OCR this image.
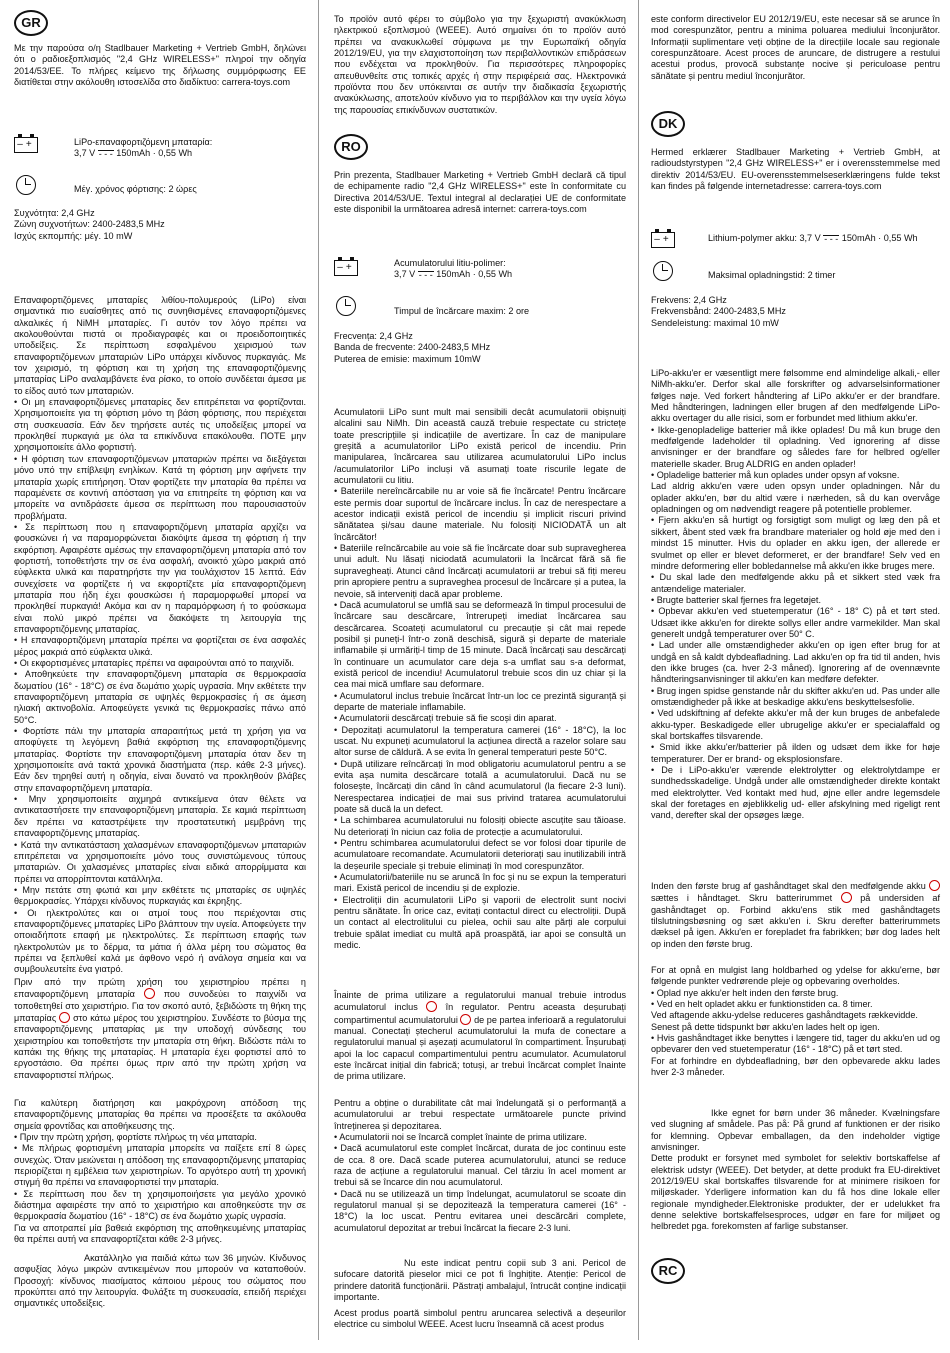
GR

Με την παρούσα ο/η Stadlbauer Marketing + Vertrieb GmbH, δηλώνει ότι ο ραδιοεξοπλισμός "2,4 GHz WIRELESS+" πληροί την οδηγία 2014/53/ΕΕ. Το πλήρες κείμενο της δήλωσης συμμόρφωσης ΕΕ διατίθεται στην ακόλουθη ιστοσελίδα στο διαδίκτυο: carrera-toys.com

–+	LiPo-επαναφορτιζόμενη μπαταρία:

3,7 V - - - 150mAh · 0,55 Wh

Μέγ. χρόνος φόρτισης: 2 ώρες

Συχνότητα: 2,4 GHz

Ζώνη συχνοτήτων: 2400-2483,5 MHz

Ισχύς εκπομπής: μέγ. 10 mW

Επαναφορτιζόμενες μπαταρίες λιθίου-πολυμερούς (LiPo) είναι σημαντικά πιο ευαίσθητες από τις συνηθισμένες επαναφορτιζόμενες αλκαλικές ή NiMH μπαταρίες. Γι αυτόν τον λόγο πρέπει να ακολουθούνται πιστά οι προδιαγραφές και οι προειδοποιητικές υποδείξεις. Σε περίπτωση εσφαλμένου χειρισμού των επαναφορτιζόμενων μπαταριών LiPo υπάρχει κίνδυνος πυρκαγιάς. Με τον χειρισμό, τη φόρτιση και τη χρήση της επαναφορτιζόμενης μπαταρίας LiPo αναλαμβάνετε ένα ρίσκο, το οποίο συνδέεται άμεσα με το είδος αυτό των μπαταριών.
• Οι μη επαναφορτιζόμενες μπαταρίες δεν επιτρέπεται να φορτίζονται. Χρησιμοποιείτε για τη φόρτιση μόνο τη βάση φόρτισης, που περιέχεται στη συσκευασία. Εάν δεν τηρήσετε αυτές τις υποδείξεις μπορεί να προκληθεί πυρκαγιά με όλα τα επικίνδυνα επακόλουθα. ΠΟΤΕ μην χρησιμοποιείτε άλλο φορτιστή.
• Η φόρτιση των επαναφορτιζόμενων μπαταριών πρέπει να διεξάγεται μόνο υπό την επίβλεψη ενηλίκων. Κατά τη φόρτιση μην αφήνετε την μπαταρία χωρίς επιτήρηση. Όταν φορτίζετε την μπαταρία θα πρέπει να παραμένετε σε κοντινή απόσταση για να επιτηρείτε τη φόρτιση και να μπορείτε να αντιδράσετε άμεσα σε περίπτωση που παρουσιαστούν προβλήματα.
• Σε περίπτωση που η επαναφορτιζόμενη μπαταρία αρχίζει να φουσκώνει ή να παραμορφώνεται διακόψτε άμεσα τη φόρτιση ή την εκφόρτιση. Αφαιρέστε αμέσως την επαναφορτιζόμενη μπαταρία από τον φορτιστή, τοποθετήστε την σε ένα ασφαλή, ανοικτό χώρο μακριά από εύφλεκτα υλικά και παρατηρήστε την για τουλάχιστον 15 λεπτά. Εάν συνεχίσετε να φορτίζετε ή να εκφορτίζετε μία επαναφορτιζόμενη μπαταρία που ήδη έχει φουσκώσει ή παραμορφωθεί μπορεί να προκληθεί πυρκαγιά! Ακόμα και αν η παραμόρφωση ή το φούσκωμα είναι πολύ μικρό πρέπει να διακόψετε τη λειτουργία της επαναφορτιζόμενης μπαταρίας.
• Η επαναφορτιζόμενη μπαταρία πρέπει να φορτίζεται σε ένα ασφαλές μέρος μακριά από εύφλεκτα υλικά.
• Οι εκφορτισμένες μπαταρίες πρέπει να αφαιρούνται από το παιχνίδι.
• Αποθηκεύετε την επαναφορτιζόμενη μπαταρία σε θερμοκρασία δωματίου (16° - 18°C) σε ένα δωμάτιο χωρίς υγρασία. Μην εκθέτετε την επαναφορτιζόμενη μπαταρία σε υψηλές θερμοκρασίες ή σε άμεση ηλιακή ακτινοβολία. Αποφεύγετε γενικά τις θερμοκρασίες πάνω από 50°C.
• Φορτίστε πάλι την μπαταρία απαραιτήτως μετά τη χρήση για να αποφύγετε τη λεγόμενη βαθιά εκφόρτιση της επαναφορτιζόμενης μπαταρίας. Φορτίστε την επαναφορτιζόμενη μπαταρία όταν δεν τη χρησιμοποιείτε ανά τακτά χρονικά διαστήματα (περ. κάθε 2-3 μήνες). Εάν δεν τηρηθεί αυτή η οδηγία, είναι δυνατό να προκληθούν βλάβες στην επαναφορτιζόμενη μπαταρία.
• Μην χρησιμοποιείτε αιχμηρά αντικείμενα όταν θέλετε να αντικαταστήσετε την επαναφορτιζόμενη μπαταρία. Σε καμιά περίπτωση δεν πρέπει να καταστρέψετε την προστατευτική μεμβράνη της επαναφορτιζόμενης μπαταρίας.
• Κατά την αντικατάσταση χαλασμένων επαναφορτιζόμενων μπαταριών επιτρέπεται να χρησιμοποιείτε μόνο τους συνιστώμενους τύπους μπαταριών. Οι χαλασμένες μπαταρίες είναι ειδικά απορρίμματα και πρέπει να απορρίπτονται κατάλληλα.
• Μην πετάτε στη φωτιά και μην εκθέτετε τις μπαταρίες σε υψηλές θερμοκρασίες. Υπάρχει κίνδυνος πυρκαγιάς και έκρηξης.
• Οι ηλεκτρολύτες και οι ατμοί τους που περιέχονται στις επαναφορτιζόμενες μπαταρίες LiPo βλάπτουν την υγεία. Αποφεύγετε την οποιαδήποτε επαφή με ηλεκτρολύτες. Σε περίπτωση επαφής των ηλεκτρολυτών με το δέρμα, τα μάτια ή άλλα μέρη του σώματος θα πρέπει να ξεπλυθεί καλά με άφθονο νερό ή ανάλογα σημεία και να συμβουλευτείτε ένα γιατρό.

Πριν από την πρώτη χρήση του χειριστηρίου πρέπει η επαναφορτιζόμενη μπαταρία	που συνοδεύει το παιχνίδι να τοποθετηθεί στο χειριστήριο. Για τον σκοπό αυτό, ξεβιδώστε τη θήκη της μπαταρίας στο κάτω μέρος του χειριστηρίου. Συνδέστε το βύσμα της επαναφορτιζόμενης μπαταρίας με την υποδοχή σύνδεσης του χειριστηρίου και τοποθετήστε την μπαταρία στη θήκη. Βιδώστε πάλι το καπάκι της θήκης της μπαταρίας. Η μπαταρία έχει φορτιστεί από το εργοστάσιο. Θα πρέπει όμως πριν από την πρώτη χρήση να επαναφορτιστεί πλήρως.

Για καλύτερη διατήρηση και μακρόχρονη απόδοση της επαναφορτιζόμενης μπαταρίας θα πρέπει να προσέξετε τα ακόλουθα σημεία φροντίδας και αποθήκευσης της.
• Πριν την πρώτη χρήση, φορτίστε πλήρως τη νέα μπαταρία.
• Με πλήρως φορτισμένη μπαταρία μπορείτε να παίξετε επί 8 ώρες συνεχώς. Όταν μειώνεται η απόδοση της επαναφορτιζόμενης μπαταρίας περιορίζεται η εμβέλεια των χειριστηρίων. Το αργότερο αυτή τη χρονική στιγμή θα πρέπει να επαναφορτιστεί την μπαταρία.
• Σε περίπτωση που δεν τη χρησιμοποιήσετε για μεγάλο χρονικό διάστημα αφαιρέστε την από το χειριστήριο και αποθηκεύστε την σε θερμοκρασία δωματίου (16° - 18°C) σε ένα δωμάτιο χωρίς υγρασία.
Για να αποτραπεί μία βαθειά εκφόρτιση της αποθηκευμένης μπαταρίας θα πρέπει αυτή να επαναφορτίζεται κάθε 2-3 μήνες.

Ακατάλληλο για παιδιά κάτω των 36 μηνών. Κίνδυνος ασφυξίας λόγω μικρών αντικειμένων που μπορούν να καταποθούν. Προσοχή: κίνδυνος πιασίματος κάποιου μέρους του σώματος που προκύπτει από την λειτουργία. Φυλάξτε τη συσκευασία, επειδή περιέχει σημαντικές υποδείξεις.

Το προϊόν αυτό φέρει το σύμβολο για την ξεχωριστή ανακύκλωση ηλεκτρικού εξοπλισμού (WEEE). Αυτό σημαίνει ότι το προϊόν αυτό πρέπει να ανακυκλωθεί σύμφωνα με την Ευρωπαϊκή οδηγία 2012/19/EU, για την ελαχιστοποίηση των περιβαλλοντικών επιδράσεων που ενδέχεται να προκληθούν. Για περισσότερες πληροφορίες απευθυνθείτε στις τοπικές αρχές ή στην περιφέρειά σας. Ηλεκτρονικά προϊόντα που δεν υπόκεινται σε αυτήν την διαδικασία ξεχωριστής ανακύκλωσης, αποτελούν κίνδυνο για το περιβάλλον και την υγεία λόγω της παρουσίας επικίνδυνων συστατικών.

RO

Prin prezenta, Stadlbauer Marketing + Vertrieb GmbH declară că tipul de echipamente radio "2,4 GHz WIRELESS+" este în conformitate cu Directiva 2014/53/UE. Textul integral al declarației UE de conformitate este disponibil la următoarea adresă internet: carrera-toys.com

–+	Acumulatorului litiu-polimer:

3,7 V - - - 150mAh · 0,55 Wh

Timpul de încărcare maxim: 2 ore

Frecvența: 2,4 GHz

Banda de frecvente: 2400-2483,5 MHz

Puterea de emisie: maximum 10mW

Acumulatorii LiPo sunt mult mai sensibili decât acumulatorii obișnuiți alcalini sau NiMh. Din această cauză trebuie respectate cu strictețe toate prescripțiile și indicațiile de avertizare. În caz de manipulare greșită a acumulatorilor LiPo există pericol de incendiu. Prin manipularea, încărcarea sau utilizarea acumulatorului LiPo inclus /acumulatorilor LiPo incluși vă asumați toate riscurile legate de acumulatorii cu litiu.
• Bateriile nereîncărcabile nu ar voie să fie încărcate! Pentru încărcare este permis doar suportul de încărcare inclus. În caz de nerespectare a acestor indicații există pericol de incendiu și implicit riscuri privind sănătatea și/sau daune materiale. Nu folosiți NICIODATĂ un alt încărcător!
• Bateriile reîncărcabile au voie să fie încărcate doar sub supravegherea unui adult. Nu lăsați niciodată acumulatorii la încărcat fără să fie supravegheați. Atunci când încărcați acumulatorii ar trebui să fiți mereu prin apropiere pentru a supraveghea procesul de încărcare și a putea, la nevoie, să interveniți dacă apar probleme.
• Dacă acumulatorul se umflă sau se deformează în timpul procesului de încărcare sau descărcare, întrerupeți imediat încărcarea sau descărcarea. Scoateți acumulatorul cu precauție și cât mai repede posibil și puneți-l într-o zonă deschisă, sigură și departe de materiale inflamabile și urmăriți-l timp de 15 minute. Dacă încărcați sau descărcați în continuare un acumulator care deja s-a umflat sau s-a deformat, există pericol de incendiu! Acumulatorul trebuie scos din uz chiar și la cea mai mică umflare sau deformare.
• Acumulatorul inclus trebuie încărcat într-un loc ce prezintă siguranță și departe de materiale inflamabile.
• Acumulatorii descărcați trebuie să fie scoși din aparat.
• Depozitați acumulatorul la temperatura camerei (16° - 18°C), la loc uscat. Nu expuneți acumulatorul la acțiunea directă a razelor solare sau altor surse de căldură. A se evita în general temperaturi peste 50°C.
• După utilizare reîncărcați în mod obligatoriu acumulatorul pentru a se evita așa numita descărcare totală a acumulatorului. Dacă nu se folosește, încărcați din când în când acumulatorul (la fiecare 2-3 luni). Nerespectarea indicației de mai sus privind tratarea acumulatorului poate să ducă la un defect.
• La schimbarea acumulatorului nu folosiți obiecte ascuțite sau tăioase. Nu deteriorați în niciun caz folia de protecție a acumulatorului.
• Pentru schimbarea acumulatorului defect se vor folosi doar tipurile de acumulatoare recomandate. Acumulatorii deteriorați sau inutilizabili intră la deșeurile speciale și trebuie eliminați în mod corespunzător.
• Acumulatorii/bateriile nu se aruncă în foc și nu se expun la temperaturi mari. Există pericol de incendiu și de explozie.
• Electroliții din acumulatorii LiPo și vaporii de electrolit sunt nocivi pentru sănătate. În orice caz, evitați contactul direct cu electroliții. După un contact al electrolitului cu pielea, ochii sau alte părți ale corpului trebuie spălat imediat cu multă apă proaspătă, iar apoi se consultă un medic.

Înainte de prima utilizare a regulatorului manual trebuie introdus acumulatorul inclus	în regulator. Pentru aceasta deșurubați compartimentul acumulatorului de pe partea inferioară a regulatorului manual. Conectați ștecherul acumulatorului la mufa de conectare a regulatorului manual și așezați acumulatorul în compartiment. Înșurubați apoi la loc capacul compartimentului pentru acumulator. Acumulatorul este încărcat inițial din fabrică; totuși, ar trebui încărcat complet înainte de prima utilizare.

Pentru a obține o durabilitate cât mai îndelungată și o performanță a acumulatorului ar trebui respectate următoarele puncte privind întreținerea și depozitarea.
• Acumulatorii noi se încarcă complet înainte de prima utilizare.
• Dacă acumulatorul este complet încărcat, durata de joc continuu este de cca. 8 ore. Dacă scade puterea acumulatorului, atunci se reduce raza de acțiune a regulatorului manual. Cel târziu în acel moment ar trebui să se încarce din nou acumulatorul.
• Dacă nu se utilizează un timp îndelungat, acumulatorul se scoate din regulatorul manual și se depozitează la temperatura camerei (16° - 18°C) la loc uscat. Pentru evitarea unei descărcări complete, acumulatorul depozitat ar trebui încărcat la fiecare 2-3 luni.

Nu este indicat pentru copii sub 3 ani. Pericol de sufocare datorită pieselor mici ce pot fi înghițite. Atenție: Pericol de prindere datorită funcționării. Păstrați ambalajul, întrucât conține indicații importante.

Acest produs poartă simbolul pentru aruncarea selectivă a deșeurilor electrice cu simbolul WEEE. Acest lucru înseamnă că acest produs

este conform directivelor EU 2012/19/EU, este necesar să se arunce în mod corespunzător, pentru a minima poluarea mediului înconjurător. Informații suplimentare veți obține de la direcțiile locale sau regionale corespunzătoare. Acest proces de aruncare, de distrugere a restului acestui produs, provocă substanțe nocive și periculoase pentru sănătate și pentru mediul înconjurător.

DK

Hermed erklærer Stadlbauer Marketing + Vertrieb GmbH, at radioudstyrstypen "2,4 GHz WIRELESS+" er i overensstemmelse med direktiv 2014/53/EU. EU-overensstemmelseserklæringens fulde tekst kan findes på følgende internetadresse: carrera-toys.com

–+	Lithium-polymer akku: 3,7 V - - - 150mAh · 0,55 Wh

Maksimal opladningstid: 2 timer

Frekvens: 2,4 GHz

Frekvensbånd: 2400-2483,5 MHz

Sendeleistung: maximal 10 mW

LiPo-akku'er er væsentligt mere følsomme end almindelige alkali,- eller NiMh-akku'er. Derfor skal alle forskrifter og advarselsinformationer følges nøje. Ved forkert håndtering af LiPo akku'er er der brandfare. Med håndteringen, ladningen eller brugen af den medfølgende LiPo-akku overtager du alle risici, som er forbundet med lithium akku'er.
• Ikke-genopladelige batterier må ikke oplades! Du må kun bruge den medfølgende ladeholder til opladning. Ved ignorering af disse anvisninger er der brandfare og således fare for helbred og/eller materielle skader. Brug ALDRIG en anden oplader!
• Opladelige batterier må kun oplades under opsyn af voksne.
Lad aldrig akku'en være uden opsyn under opladningen. Når du oplader akku'en, bør du altid være i nærheden, så du kan overvåge opladningen og om nødvendigt reagere på potentielle problemer.
• Fjern akku'en så hurtigt og forsigtigt som muligt og læg den på et sikkert, åbent sted væk fra brandbare materialer og hold øje med den i mindst 15 minutter. Hvis du oplader en akku igen, der allerede er svulmet op eller er blevet deformeret, er der brandfare! Selv ved en mindre deformering eller bobledannelse må akku'en ikke bruges mere.
• Du skal lade den medfølgende akku på et sikkert sted væk fra antændelige materialer.
• Brugte batterier skal fjernes fra legetøjet.
• Opbevar akku'en ved stuetemperatur (16° - 18° C) på et tørt sted. Udsæt ikke akku'en for direkte sollys eller andre varmekilder. Man skal generelt undgå temperaturer over 50° C.
• Lad under alle omstændigheder akku'en op igen efter brug for at undgå en så kaldt dybdeafladning. Lad akku'en op fra tid til anden, hvis den ikke bruges (ca. hver 2-3 måned). Ignorering af de ovennævnte håndteringsanvisninger til akku'en kan medføre defekter.
• Brug ingen spidse genstande når du skifter akku'en ud. Pas under alle omstændigheder på ikke at beskadige akku'ens beskyttelsesfolie.
• Ved udskiftning af defekte akku'er må der kun bruges de anbefalede akku-typer. Beskadigede eller ubrugelige akku'er er specialaffald og skal bortskaffes tilsvarende.
• Smid ikke akku'er/batterier på ilden og udsæt dem ikke for høje temperaturer. Der er brand- og eksplosionsfare.
• De i LiPo-akku'er værende elektrolytter og elektrolytdampe er sundhedsskadelige. Undgå under alle omstændigheder direkte kontakt med elektrolytter. Ved kontakt med hud, øjne eller andre legemsdele skal der foretages en øjeblikkelig ud- eller afskylning med rigeligt rent vand, derefter skal der opsøges læge.

Inden den første brug af gashåndtaget skal den medfølgende akku  sættes i håndtaget. Skru batterirummet	på undersiden af gashåndtaget op. Forbind akku'ens stik med gashåndtagets tilslutningsbøsning og sæt akku'en i. Skru derefter batterirummets dæksel på igen. Akku'en er forepladet fra fabrikken; bør dog lades helt op inden den første brug.

For at opnå en mulgist lang holdbarhed og ydelse for akku'erne, bør følgende punkter vedrørende pleje og opbevaring overholdes.
• Oplad nye akku'er helt inden den første brug.
• Ved en helt opladet akku er funktionstiden ca. 8 timer.
Ved aftagende akku-ydelse reduceres gashåndtagets rækkevidde.
Senest på dette tidspunkt bør akku'en lades helt op igen.
• Hvis gashåndtaget ikke benyttes i længere tid, tager du akku'en ud og opbevarer den ved stuetemperatur (16° - 18°C) på et tørt sted.
For at forhindre en dybdeafladning, bør den opbevarede akku lades hver 2-3 måneder.

Ikke egnet for børn under 36 måneder. Kvælningsfare ved slugning af smådele. Pas på: På grund af funktionen er der risiko for klemning. Opbevar emballagen, da den indeholder vigtige anvisninger.
Dette produkt er forsynet med symbolet for selektiv bortskaffelse af elektrisk udstyr (WEEE). Det betyder, at dette produkt fra EU-direktivet 2012/19/EU skal bortskaffes tilsvarende for at minimere risikoen for miljøskader. Yderligere information kan du få hos dine lokale eller regionale myndigheder.Elektroniske produkter, der er udelukket fra denne selektive bortskaffelsesproces, udgør en fare for miljøet og helbredet pga. forekomsten af farlige substanser.

RC
